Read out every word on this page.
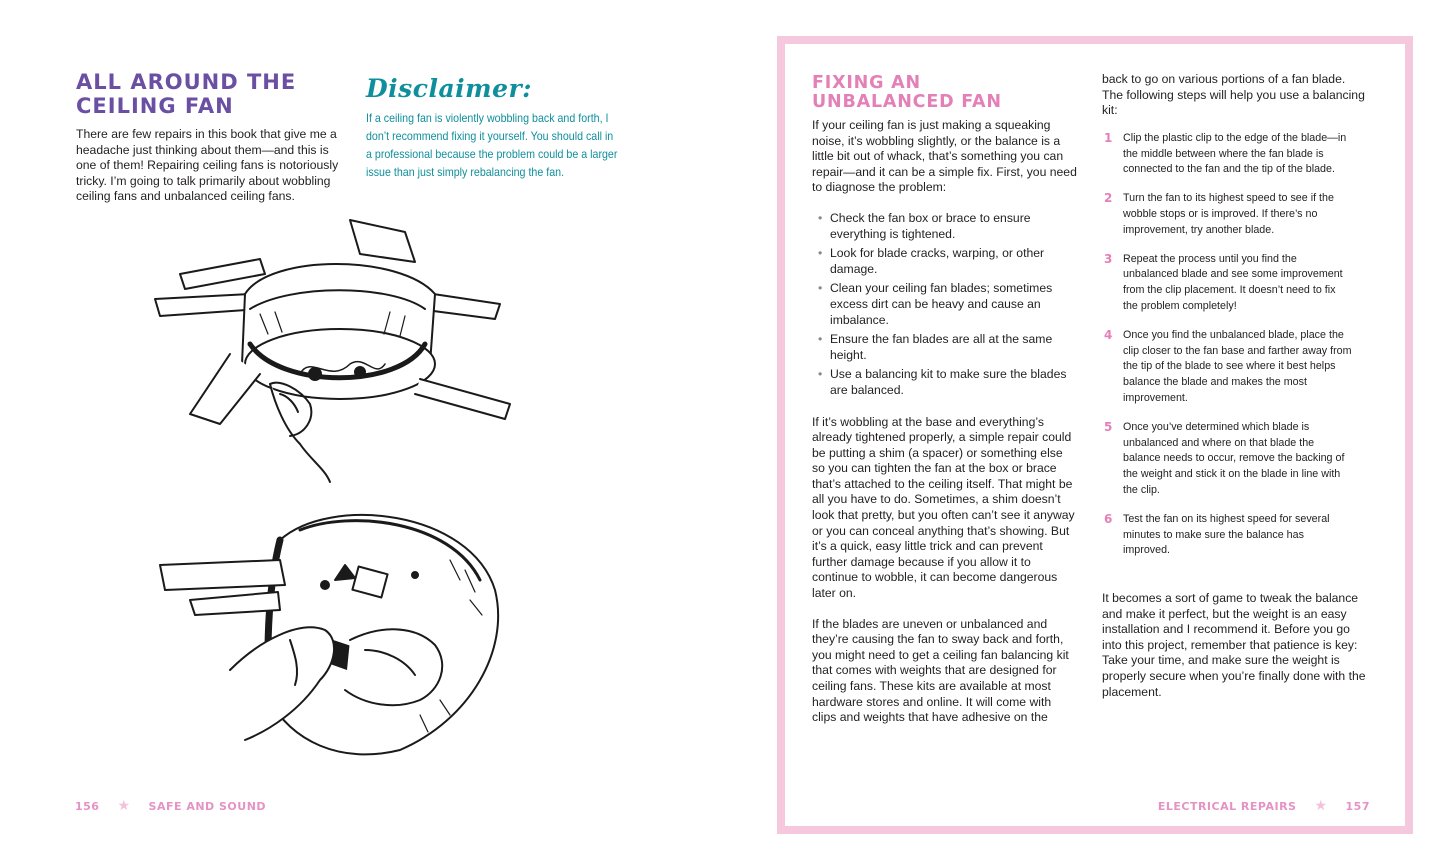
ALL AROUND THE CEILING FAN

There are few repairs in this book that give me a headache just thinking about them—and this is one of them! Repairing ceiling fans is notoriously tricky. I’m going to talk primarily about wobbling ceiling fans and unbalanced ceiling fans.

Disclaimer:

If a ceiling fan is violently wobbling back and forth, I don’t recommend fixing it yourself. You should call in a professional because the problem could be a larger issue than just simply rebalancing the fan.

156 ★ SAFE AND SOUND
FIXING AN UNBALANCED FAN

If your ceiling fan is just making a squeaking noise, it’s wobbling slightly, or the balance is a little bit out of whack, that’s something you can repair—and it can be a simple fix. First, you need to diagnose the problem:

• Check the fan box or brace to ensure everything is tightened.
• Look for blade cracks, warping, or other damage.
• Clean your ceiling fan blades; sometimes excess dirt can be heavy and cause an imbalance.
• Ensure the fan blades are all at the same height.
• Use a balancing kit to make sure the blades are balanced.

If it’s wobbling at the base and everything’s already tightened properly, a simple repair could be putting a shim (a spacer) or something else so you can tighten the fan at the box or brace that’s attached to the ceiling itself. That might be all you have to do. Sometimes, a shim doesn’t look that pretty, but you often can’t see it anyway or you can conceal anything that’s showing. But it’s a quick, easy little trick and can prevent further damage because if you allow it to continue to wobble, it can become dangerous later on.

If the blades are uneven or unbalanced and they’re causing the fan to sway back and forth, you might need to get a ceiling fan balancing kit that comes with weights that are designed for ceiling fans. These kits are available at most hardware stores and online. It will come with clips and weights that have adhesive on the

back to go on various portions of a fan blade. The following steps will help you use a balancing kit:

1 Clip the plastic clip to the edge of the blade—in the middle between where the fan blade is connected to the fan and the tip of the blade.
2 Turn the fan to its highest speed to see if the wobble stops or is improved. If there’s no improvement, try another blade.
3 Repeat the process until you find the unbalanced blade and see some improvement from the clip placement. It doesn’t need to fix the problem completely!
4 Once you find the unbalanced blade, place the clip closer to the fan base and farther away from the tip of the blade to see where it best helps balance the blade and makes the most improvement.
5 Once you’ve determined which blade is unbalanced and where on that blade the balance needs to occur, remove the backing of the weight and stick it on the blade in line with the clip.
6 Test the fan on its highest speed for several minutes to make sure the balance has improved.

It becomes a sort of game to tweak the balance and make it perfect, but the weight is an easy installation and I recommend it. Before you go into this project, remember that patience is key: Take your time, and make sure the weight is properly secure when you’re finally done with the placement.

ELECTRICAL REPAIRS ★ 157
